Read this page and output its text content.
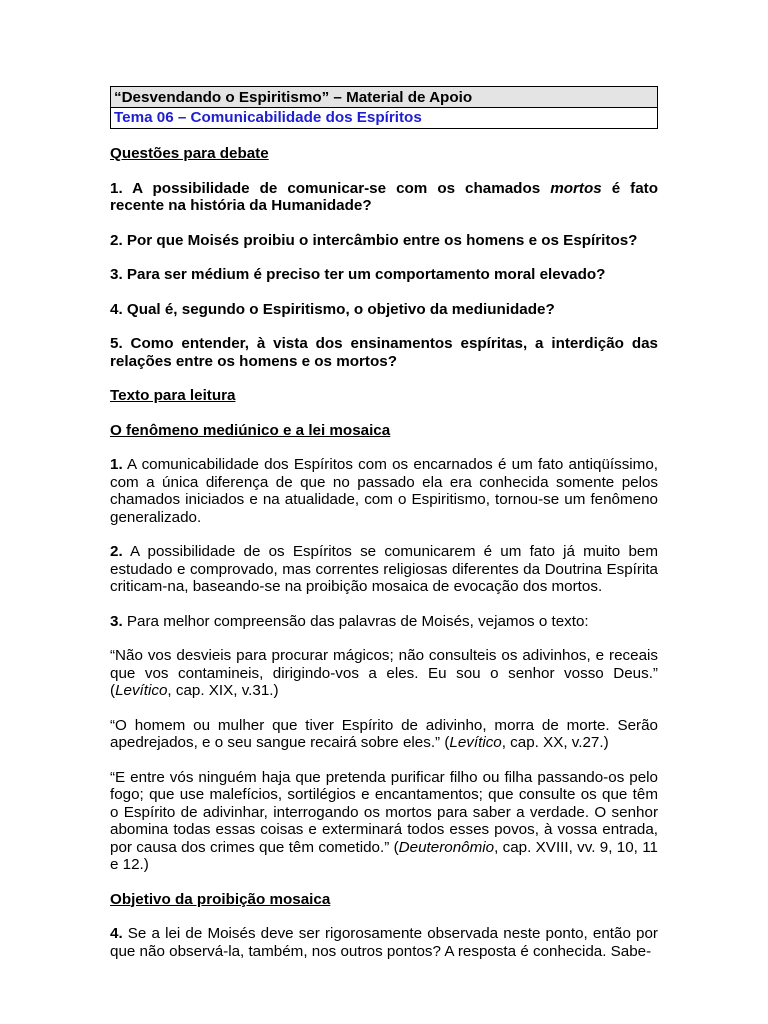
“Desvendando o Espiritismo” – Material de Apoio
Tema 06 – Comunicabilidade dos Espíritos

Questões para debate

1. A possibilidade de comunicar-se com os chamados mortos é fato recente na história da Humanidade?

2. Por que Moisés proibiu o intercâmbio entre os homens e os Espíritos?

3. Para ser médium é preciso ter um comportamento moral elevado?

4. Qual é, segundo o Espiritismo, o objetivo da mediunidade?

5. Como entender, à vista dos ensinamentos espíritas, a interdição das relações entre os homens e os mortos?

Texto para leitura

O fenômeno mediúnico e a lei mosaica

1. A comunicabilidade dos Espíritos com os encarnados é um fato antiqüíssimo, com a única diferença de que no passado ela era conhecida somente pelos chamados iniciados e na atualidade, com o Espiritismo, tornou-se um fenômeno generalizado.

2. A possibilidade de os Espíritos se comunicarem é um fato já muito bem estudado e comprovado, mas correntes religiosas diferentes da Doutrina Espírita criticam-na, baseando-se na proibição mosaica de evocação dos mortos.

3. Para melhor compreensão das palavras de Moisés, vejamos o texto:

“Não vos desvieis para procurar mágicos; não consulteis os adivinhos, e receais que vos contamineis, dirigindo-vos a eles. Eu sou o senhor vosso Deus.” (Levítico, cap. XIX, v.31.)

“O homem ou mulher que tiver Espírito de adivinho, morra de morte. Serão apedrejados, e o seu sangue recairá sobre eles.” (Levítico, cap. XX, v.27.)

“E entre vós ninguém haja que pretenda purificar filho ou filha passando-os pelo fogo; que use malefícios, sortilégios e encantamentos; que consulte os que têm o Espírito de adivinhar, interrogando os mortos para saber a verdade. O senhor abomina todas essas coisas e exterminará todos esses povos, à vossa entrada, por causa dos crimes que têm cometido.” (Deuteronômio, cap. XVIII, vv. 9, 10, 11 e 12.)

Objetivo da proibição mosaica

4. Se a lei de Moisés deve ser rigorosamente observada neste ponto, então por que não observá-la, também, nos outros pontos? A resposta é conhecida. Sabe-
